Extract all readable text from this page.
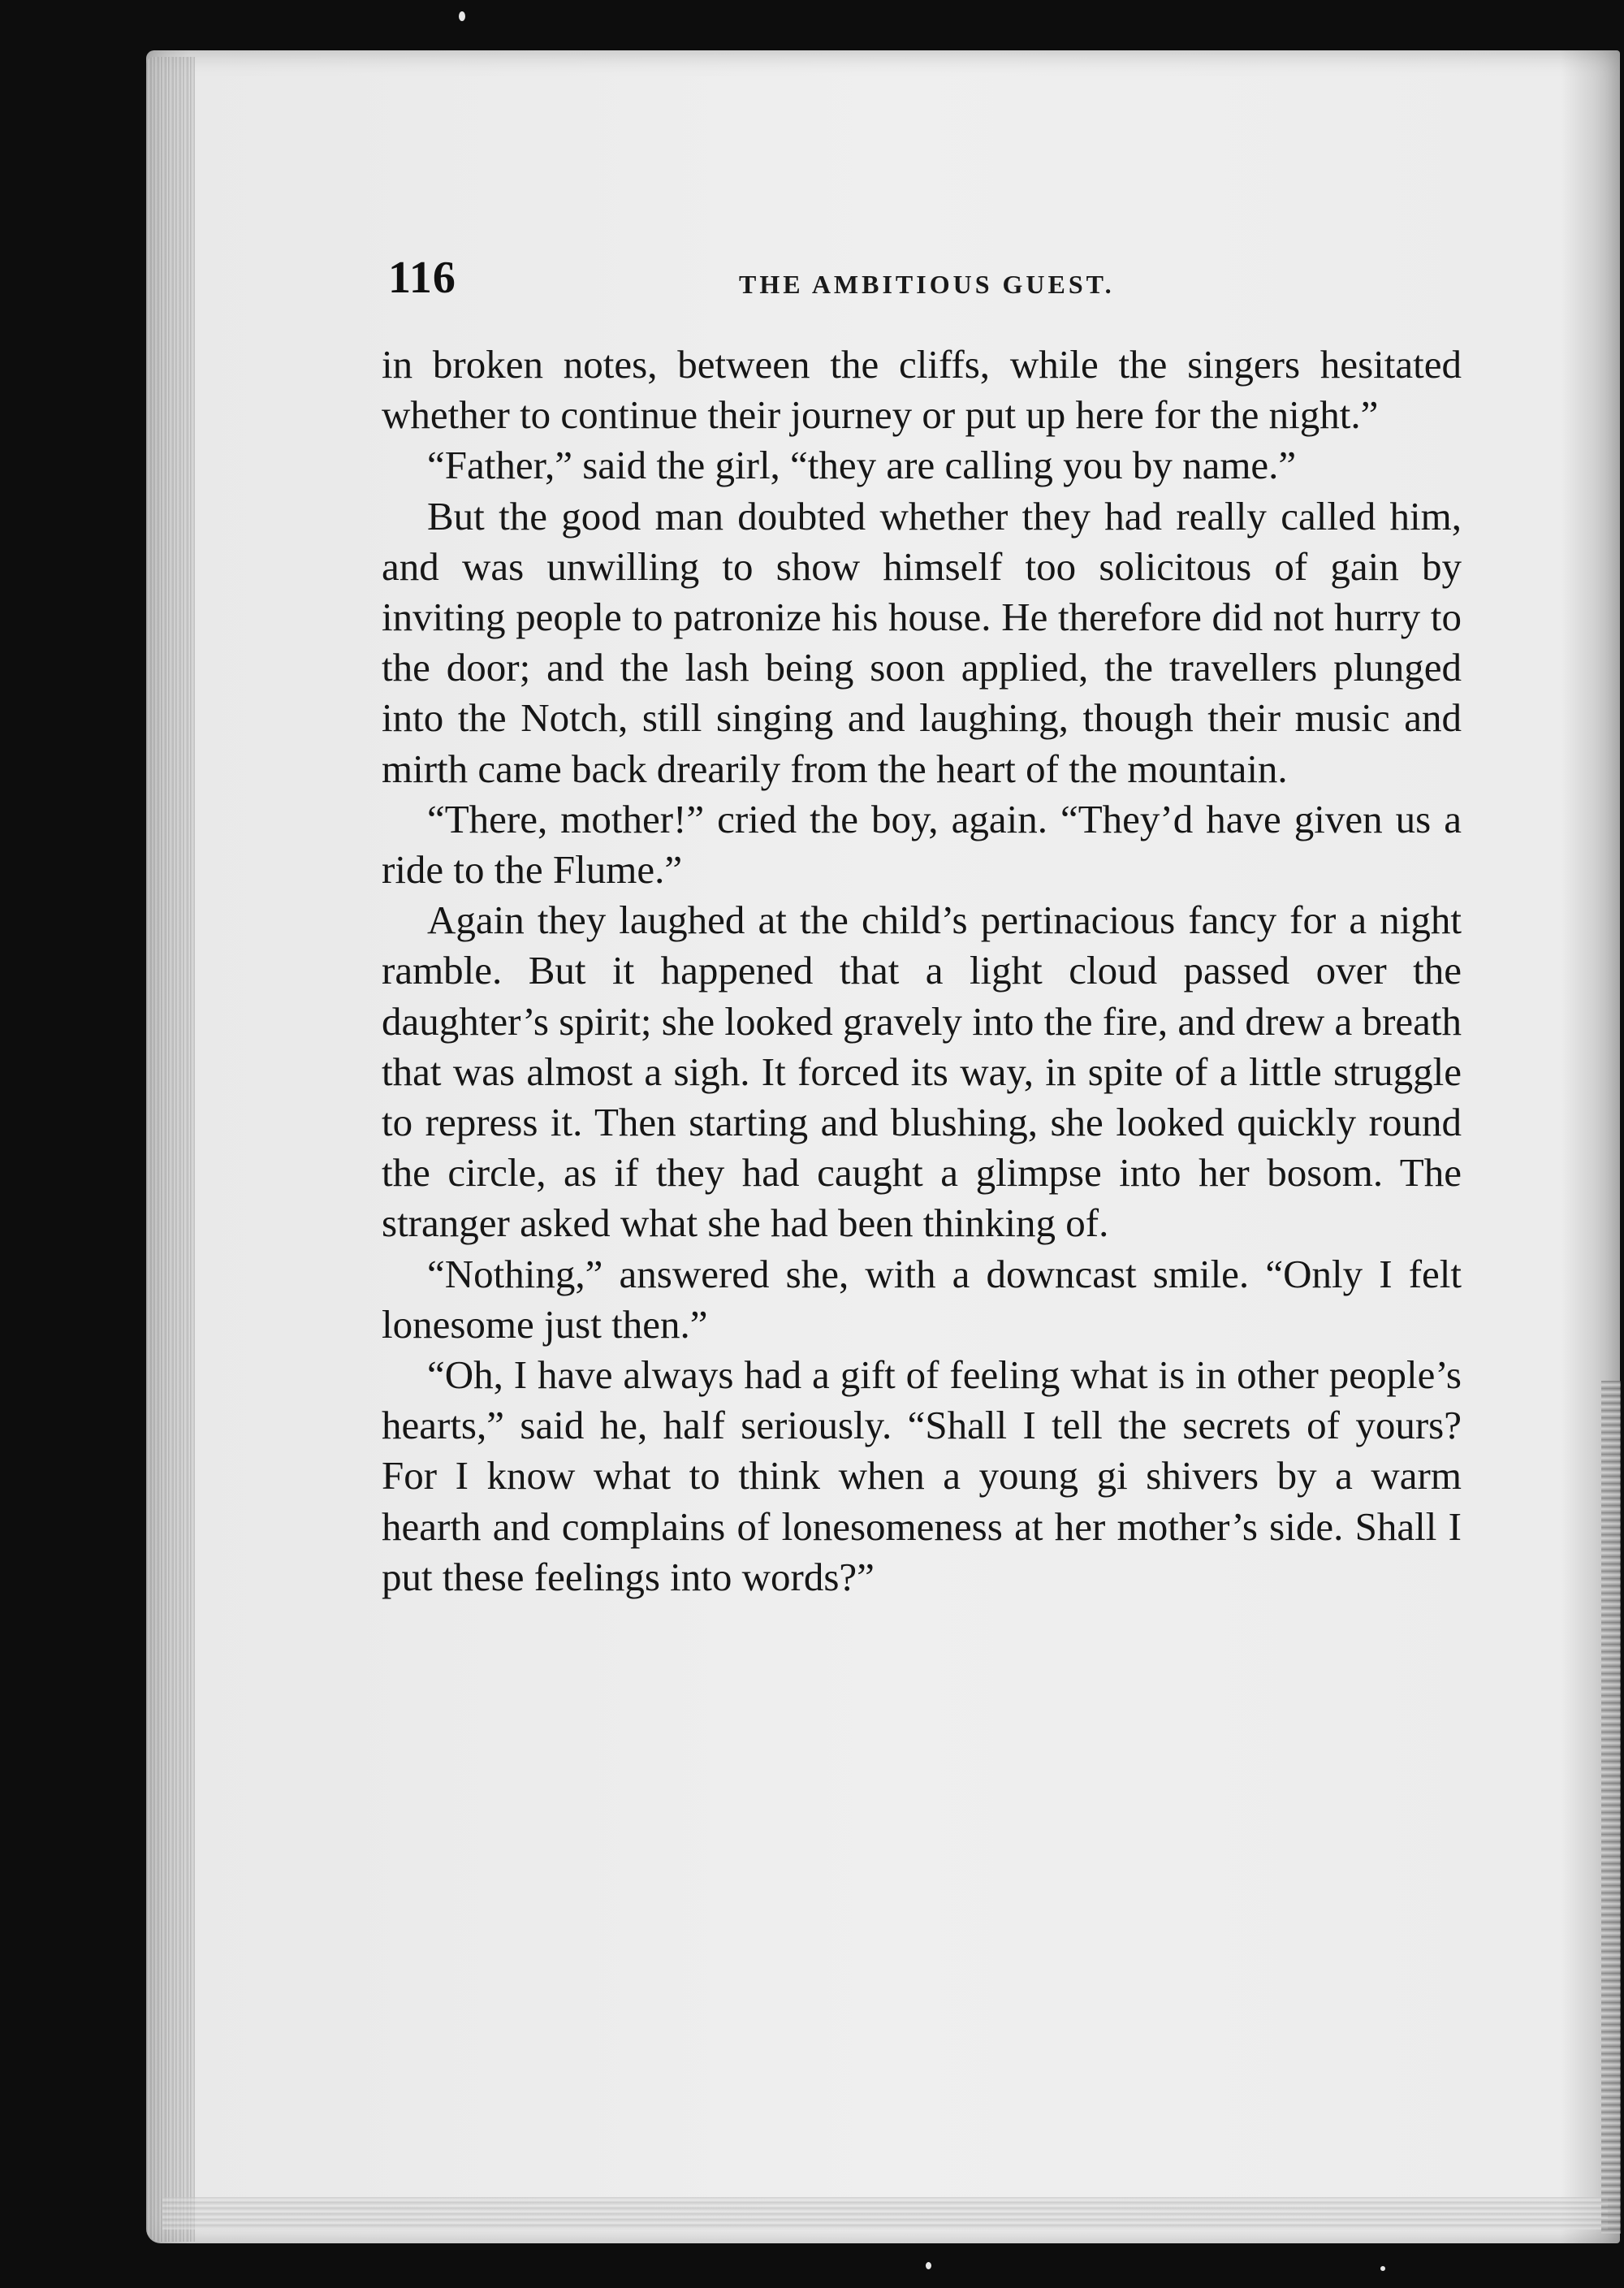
116	THE AMBITIOUS GUEST.

in broken notes, between the cliffs, while the singers hesitated whether to continue their journey or put up here for the night.”

“Father,” said the girl, “they are calling you by name.”

But the good man doubted whether they had really called him, and was unwilling to show himself too solicitous of gain by inviting people to patronize his house. He therefore did not hurry to the door; and the lash being soon applied, the travellers plunged into the Notch, still singing and laughing, though their music and mirth came back drearily from the heart of the mountain.

“There, mother!” cried the boy, again. “They’d have given us a ride to the Flume.”

Again they laughed at the child’s pertinacious fancy for a night ramble. But it happened that a light cloud passed over the daughter’s spirit; she looked gravely into the fire, and drew a breath that was almost a sigh. It forced its way, in spite of a little struggle to repress it. Then starting and blushing, she looked quickly round the circle, as if they had caught a glimpse into her bosom. The stranger asked what she had been thinking of.

“Nothing,” answered she, with a downcast smile. “Only I felt lonesome just then.”

“Oh, I have always had a gift of feeling what is in other people’s hearts,” said he, half seriously. “Shall I tell the secrets of yours? For I know what to think when a young gi shivers by a warm hearth and complains of lonesomeness at her mother’s side. Shall I put these feelings into words?”
